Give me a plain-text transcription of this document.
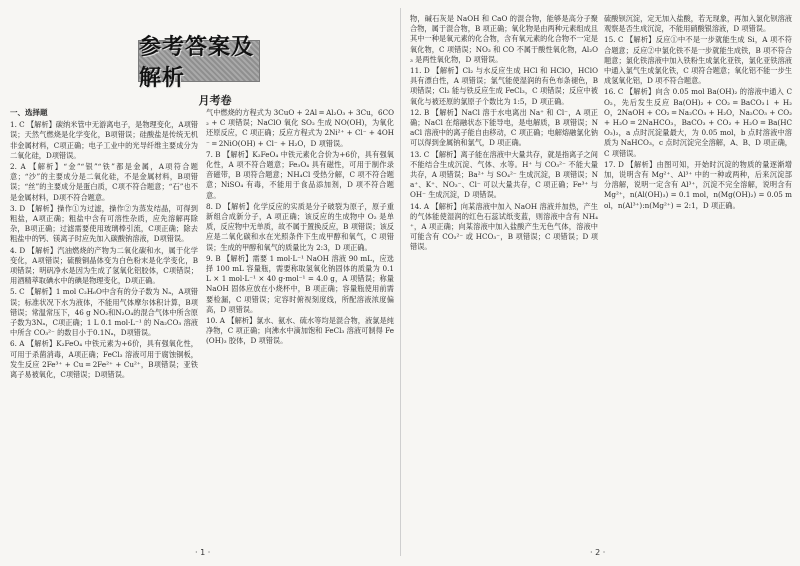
参考答案及解析
月考卷

一、选择题

1. C 【解析】碳纳米管中无游离电子，是物理变化，A项错误；天然气燃烧是化学变化，B项错误；硅酸盐是传统无机非金属材料，C项正确；电子工业中的光导纤维主要成分为二氧化硅，D项错误。

2. A 【解析】“金”“银”“铁”都是金属，A项符合题意；“沙”的主要成分是二氧化硅，不是金属材料，B项错误；“丝”的主要成分是蛋白质，C项不符合题意；“石”也不是金属材料，D项不符合题意。

3. D 【解析】操作①为过滤，操作②为蒸发结晶，可得到粗盐，A项正确；粗盐中含有可溶性杂质，应先溶解再除杂，B项正确；过滤需要使用玻璃棒引流，C项正确；除去粗盐中的钙、镁离子时应先加入碳酸钠溶液，D项错误。

4. D 【解析】汽油燃烧的产物为二氧化碳和水，属于化学变化，A项错误；硫酸铜晶体变为白色粉末是化学变化，B项错误；明矾净水是因为生成了氢氧化铝胶体，C项错误；用酒精萃取碘水中的碘是物理变化，D项正确。

5. C 【解析】1 mol C₂H₆O中含有的分子数为 Nₐ，A项错误；标准状况下水为液体，不能用气体摩尔体积计算，B项错误；常温常压下，46 g NO₂和N₂O₄的混合气体中所含原子数为3Nₐ，C项正确；1 L 0.1 mol·L⁻¹ 的 Na₂CO₃ 溶液中所含 CO₃²⁻ 的数目小于0.1Nₐ，D项错误。

6. A 【解析】K₂FeO₄ 中铁元素为+6价，具有强氧化性，可用于杀菌消毒，A项正确；FeCl₃ 溶液可用于腐蚀铜板，发生反应 2Fe³⁺ + Cu ═ 2Fe²⁺ + Cu²⁺，B项错误；亚铁离子易被氧化，C项错误；D项错误。

气中燃烧的方程式为 3CuO + 2Al ═ Al₂O₃ + 3Cu，6CO₂ + C 项错误；NaClO 氧化 SO₂ 生成 NO(OH)，为氧化还原反应，C 项正确；反应方程式为 2Ni²⁺ + Cl⁻ + 4OH⁻ ═ 2NiO(OH) + Cl⁻ + H₂O，D 项错误。

7. B 【解析】K₂FeO₄ 中铁元素化合价为+6价，具有强氧化性，A 项不符合题意；Fe₃O₄ 具有磁性，可用于制作录音磁带，B 项符合题意；NH₄Cl 受热分解，C 项不符合题意；NiSO₄ 有毒，不能用于食品添加剂，D 项不符合题意。

8. D 【解析】化学反应的实质是分子破裂为原子，原子重新组合成新分子，A 项正确；该反应的生成物中 O₂ 是单质，反应物中无单质，故不属于置换反应，B 项错误；该反应是二氧化碳和水在光照条件下生成甲醇和氧气，C 项错误；生成的甲醇和氧气的质量比为 2:3，D 项正确。

9. B 【解析】需要 1 mol·L⁻¹ NaOH 溶液 90 mL，应选择 100 mL 容量瓶，需要称取氢氧化钠固体的质量为 0.1 L × 1 mol·L⁻¹ × 40 g·mol⁻¹ = 4.0 g，A 项错误；称量 NaOH 固体应放在小烧杯中，B 项正确；容量瓶使用前需要检漏，C 项错误；定容时俯视刻度线，所配溶液浓度偏高，D 项错误。

10. A 【解析】氯水、氨水、硫水等均是混合物，液氯是纯净物，C 项正确；向沸水中滴加饱和 FeCl₃ 溶液可制得 Fe(OH)₃ 胶体，D 项错误。

物，碱石灰是 NaOH 和 CaO 的混合物，能够是高分子聚合物，属于混合物，B 项正确；氧化物是由两种元素组成且其中一种是氧元素的化合物，含有氧元素的化合物不一定是氧化物，C 项错误；NO₂ 和 CO 不属于酸性氧化物，Al₂O₃ 是两性氧化物，D 项错误。

11. D 【解析】Cl₂ 与水反应生成 HCl 和 HClO，HClO 具有漂白性，A 项错误；氯气能使湿润的有色布条褪色，B 项错误；Cl₂ 能与铁反应生成 FeCl₃，C 项错误；反应中被氧化与被还原的氯原子个数比为 1:5，D 项正确。

12. B 【解析】NaCl 溶于水电离出 Na⁺ 和 Cl⁻，A 项正确；NaCl 在熔融状态下能导电，是电解质，B 项错误；NaCl 溶液中的离子能自由移动，C 项正确；电解熔融氯化钠可以得到金属钠和氯气，D 项正确。

13. C 【解析】离子能在溶液中大量共存，就是指离子之间不能结合生成沉淀、气体、水等。H⁺ 与 CO₃²⁻ 不能大量共存，A 项错误；Ba²⁺ 与 SO₄²⁻ 生成沉淀，B 项错误；Na⁺、K⁺、NO₃⁻、Cl⁻ 可以大量共存，C 项正确；Fe³⁺ 与 OH⁻ 生成沉淀，D 项错误。

14. A 【解析】向某溶液中加入 NaOH 溶液并加热，产生的气体能使湿润的红色石蕊试纸变蓝，则溶液中含有 NH₄⁺，A 项正确；向某溶液中加入盐酸产生无色气体，溶液中可能含有 CO₃²⁻ 或 HCO₃⁻，B 项错误；C 项错误；D 项错误。

硫酸钡沉淀，定无加入盐酸，若无现象，再加入氯化钡溶液观察是否生成沉淀，不能用硝酸银溶液，D 项错误。

15. C 【解析】反应①中不是一步就能生成 Si，A 项不符合题意；反应②中氯化铁不是一步就能生成铁，B 项不符合题意；氯化铁溶液中加入铁粉生成氯化亚铁，氯化亚铁溶液中通入氯气生成氯化铁，C 项符合题意；氧化铝不能一步生成氢氧化铝，D 项不符合题意。

16. C 【解析】向含 0.05 mol Ba(OH)₂ 的溶液中通入 CO₂，先后发生反应 Ba(OH)₂ + CO₂ ═ BaCO₃↓ + H₂O，2NaOH + CO₂ ═ Na₂CO₃ + H₂O，Na₂CO₃ + CO₂ + H₂O ═ 2NaHCO₃，BaCO₃ + CO₂ + H₂O ═ Ba(HCO₃)₂，a 点时沉淀量最大，为 0.05 mol，b 点时溶液中溶质为 NaHCO₃，c 点时沉淀完全溶解，A、B、D 项正确，C 项错误。

17. D 【解析】由图可知，开始时沉淀的物质的量逐渐增加，说明含有 Mg²⁺、Al³⁺ 中的一种或两种，后来沉淀部分溶解，说明一定含有 Al³⁺，沉淀不完全溶解，说明含有 Mg²⁺，n(Al(OH)₃) = 0.1 mol，n(Mg(OH)₂) = 0.05 mol，n(Al³⁺):n(Mg²⁺) = 2:1，D 项正确。

· 1 ·	· 2 ·
